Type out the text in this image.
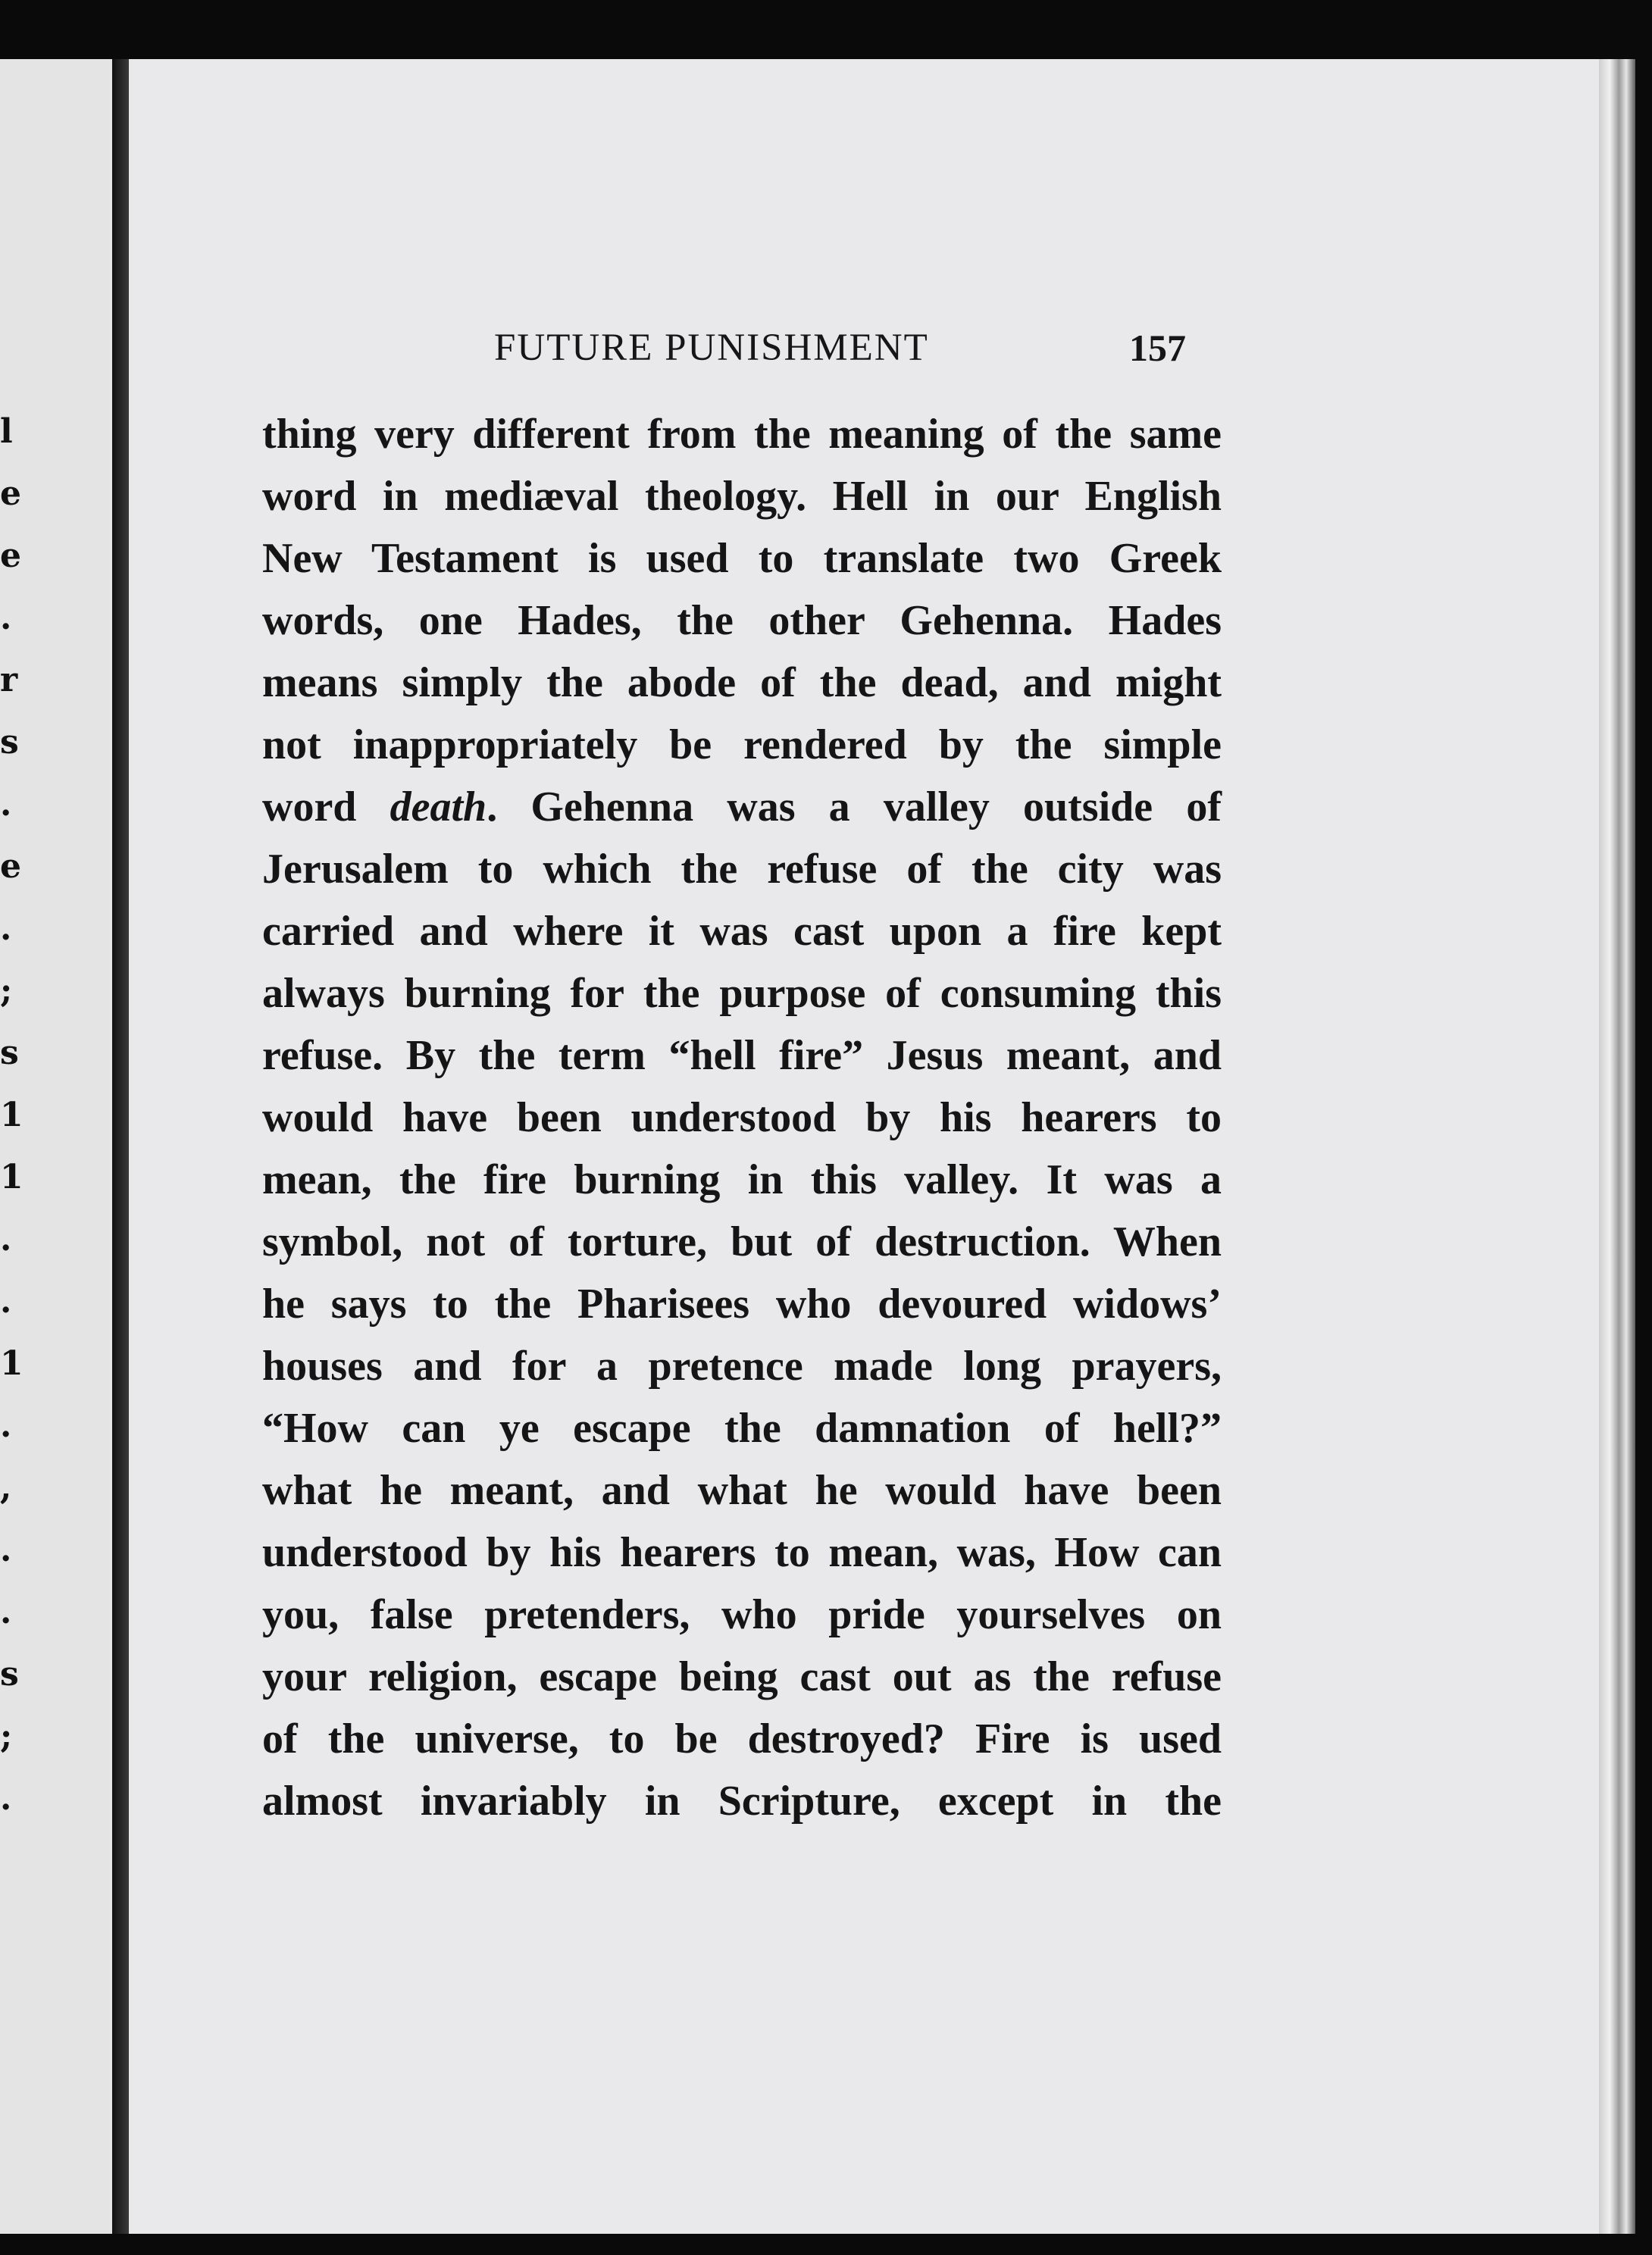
l
e
e
.
r
s
.
e
.
;
s
1
1
.
.
1
.
,
.
.
s
;
.
FUTURE PUNISHMENT	157
thing very different from the meaning of the same
word in mediæval theology. Hell in our English
New Testament is used to translate two Greek
words, one Hades, the other Gehenna. Hades
means simply the abode of the dead, and might
not inappropriately be rendered by the simple
word death. Gehenna was a valley outside of
Jerusalem to which the refuse of the city was
carried and where it was cast upon a fire kept
always burning for the purpose of consuming this
refuse. By the term “hell fire” Jesus meant, and
would have been understood by his hearers to
mean, the fire burning in this valley. It was a
symbol, not of torture, but of destruction. When
he says to the Pharisees who devoured widows’
houses and for a pretence made long prayers,
“How can ye escape the damnation of hell?”
what he meant, and what he would have been
understood by his hearers to mean, was, How can
you, false pretenders, who pride yourselves on
your religion, escape being cast out as the refuse
of the universe, to be destroyed? Fire is used
almost invariably in Scripture, except in the
